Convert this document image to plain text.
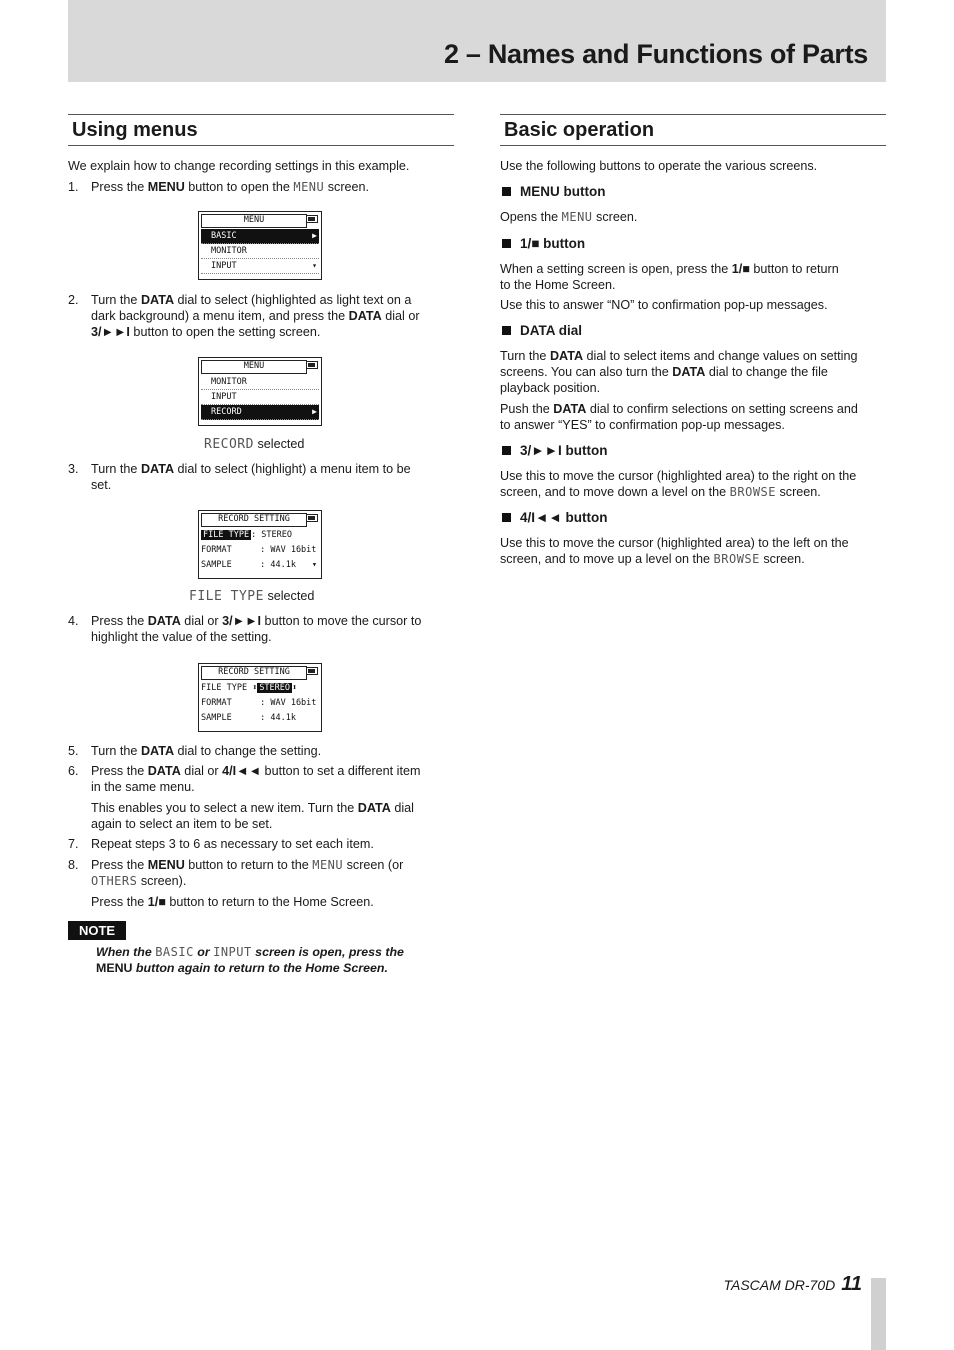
2 – Names and Functions of Parts
Using menus
We explain how to change recording settings in this example.
1. Press the MENU button to open the MENU screen.
MENU
BASIC	▶
MONITOR
INPUT	▾
2. Turn the DATA dial to select (highlighted as light text on a
dark background) a menu item, and press the DATA dial or
3/►►I button to open the setting screen.
MENU
MONITOR
INPUT
RECORD	▶
RECORD selected
3. Turn the DATA dial to select (highlight) a menu item to be
set.
RECORD SETTING
FILE TYPE : STEREO
FORMAT	: WAV 16bit
SAMPLE	: 44.1k ▾
FILE TYPE selected
4. Press the DATA dial or 3/►►I button to move the cursor to
highlight the value of the setting.
RECORD SETTING
FILE TYPE ⬍ STEREO ⬍
FORMAT	: WAV 16bit
SAMPLE	: 44.1k
5. Turn the DATA dial to change the setting.
6. Press the DATA dial or 4/I◄◄ button to set a different item
in the same menu.
This enables you to select a new item. Turn the DATA dial
again to select an item to be set.
7. Repeat steps 3 to 6 as necessary to set each item.
8. Press the MENU button to return to the MENU screen (or
OTHERS screen).
Press the 1/■ button to return to the Home Screen.
NOTE
When the BASIC or INPUT screen is open, press the
MENU button again to return to the Home Screen.
Basic operation
Use the following buttons to operate the various screens.
MENU button
Opens the MENU screen.
1/■ button
When a setting screen is open, press the 1/■ button to return
to the Home Screen.
Use this to answer “NO” to confirmation pop-up messages.
DATA dial
Turn the DATA dial to select items and change values on setting
screens. You can also turn the DATA dial to change the file
playback position.
Push the DATA dial to confirm selections on setting screens and
to answer “YES” to confirmation pop-up messages.
3/►►I button
Use this to move the cursor (highlighted area) to the right on the
screen, and to move down a level on the BROWSE screen.
4/I◄◄ button
Use this to move the cursor (highlighted area) to the left on the
screen, and to move up a level on the BROWSE screen.
TASCAM DR-70D 11
